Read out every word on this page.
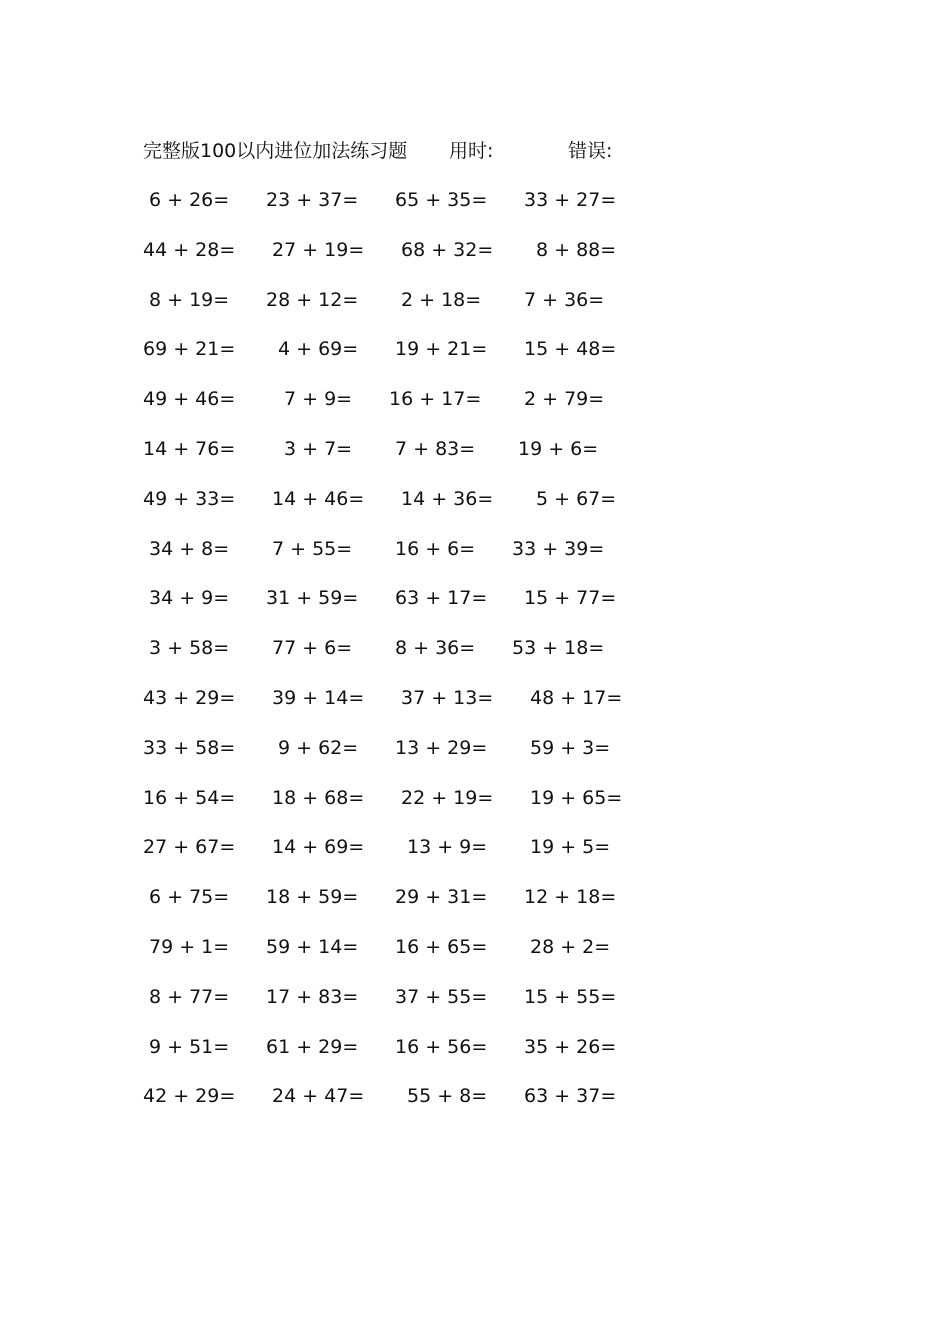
完整版100以内进位加法练习题 用时:	错误:
6 + 26= 23 + 37= 65 + 35= 33 + 27=
44 + 28= 27 + 19= 68 + 32= 8 + 88=
8 + 19= 28 + 12= 2 + 18= 7 + 36=
69 + 21= 4 + 69= 19 + 21= 15 + 48=
49 + 46=	7 + 9= 16 + 17= 2 + 79=
14 + 76=	3 + 7= 7 + 83= 19 + 6=
49 + 33= 14 + 46= 14 + 36= 5 + 67=
34 + 8= 7 + 55= 16 + 6= 33 + 39=
34 + 9= 31 + 59= 63 + 17= 15 + 77=
3 + 58= 77 + 6= 8 + 36= 53 + 18=
43 + 29= 39 + 14= 37 + 13= 48 + 17=
33 + 58= 9 + 62= 13 + 29= 59 + 3=
16 + 54= 18 + 68= 22 + 19= 19 + 65=
27 + 67= 14 + 69= 13 + 9= 19 + 5=
6 + 75= 18 + 59= 29 + 31= 12 + 18=
79 + 1= 59 + 14= 16 + 65= 28 + 2=
8 + 77= 17 + 83= 37 + 55= 15 + 55=
9 + 51= 61 + 29= 16 + 56= 35 + 26=
42 + 29= 24 + 47= 55 + 8= 63 + 37=
